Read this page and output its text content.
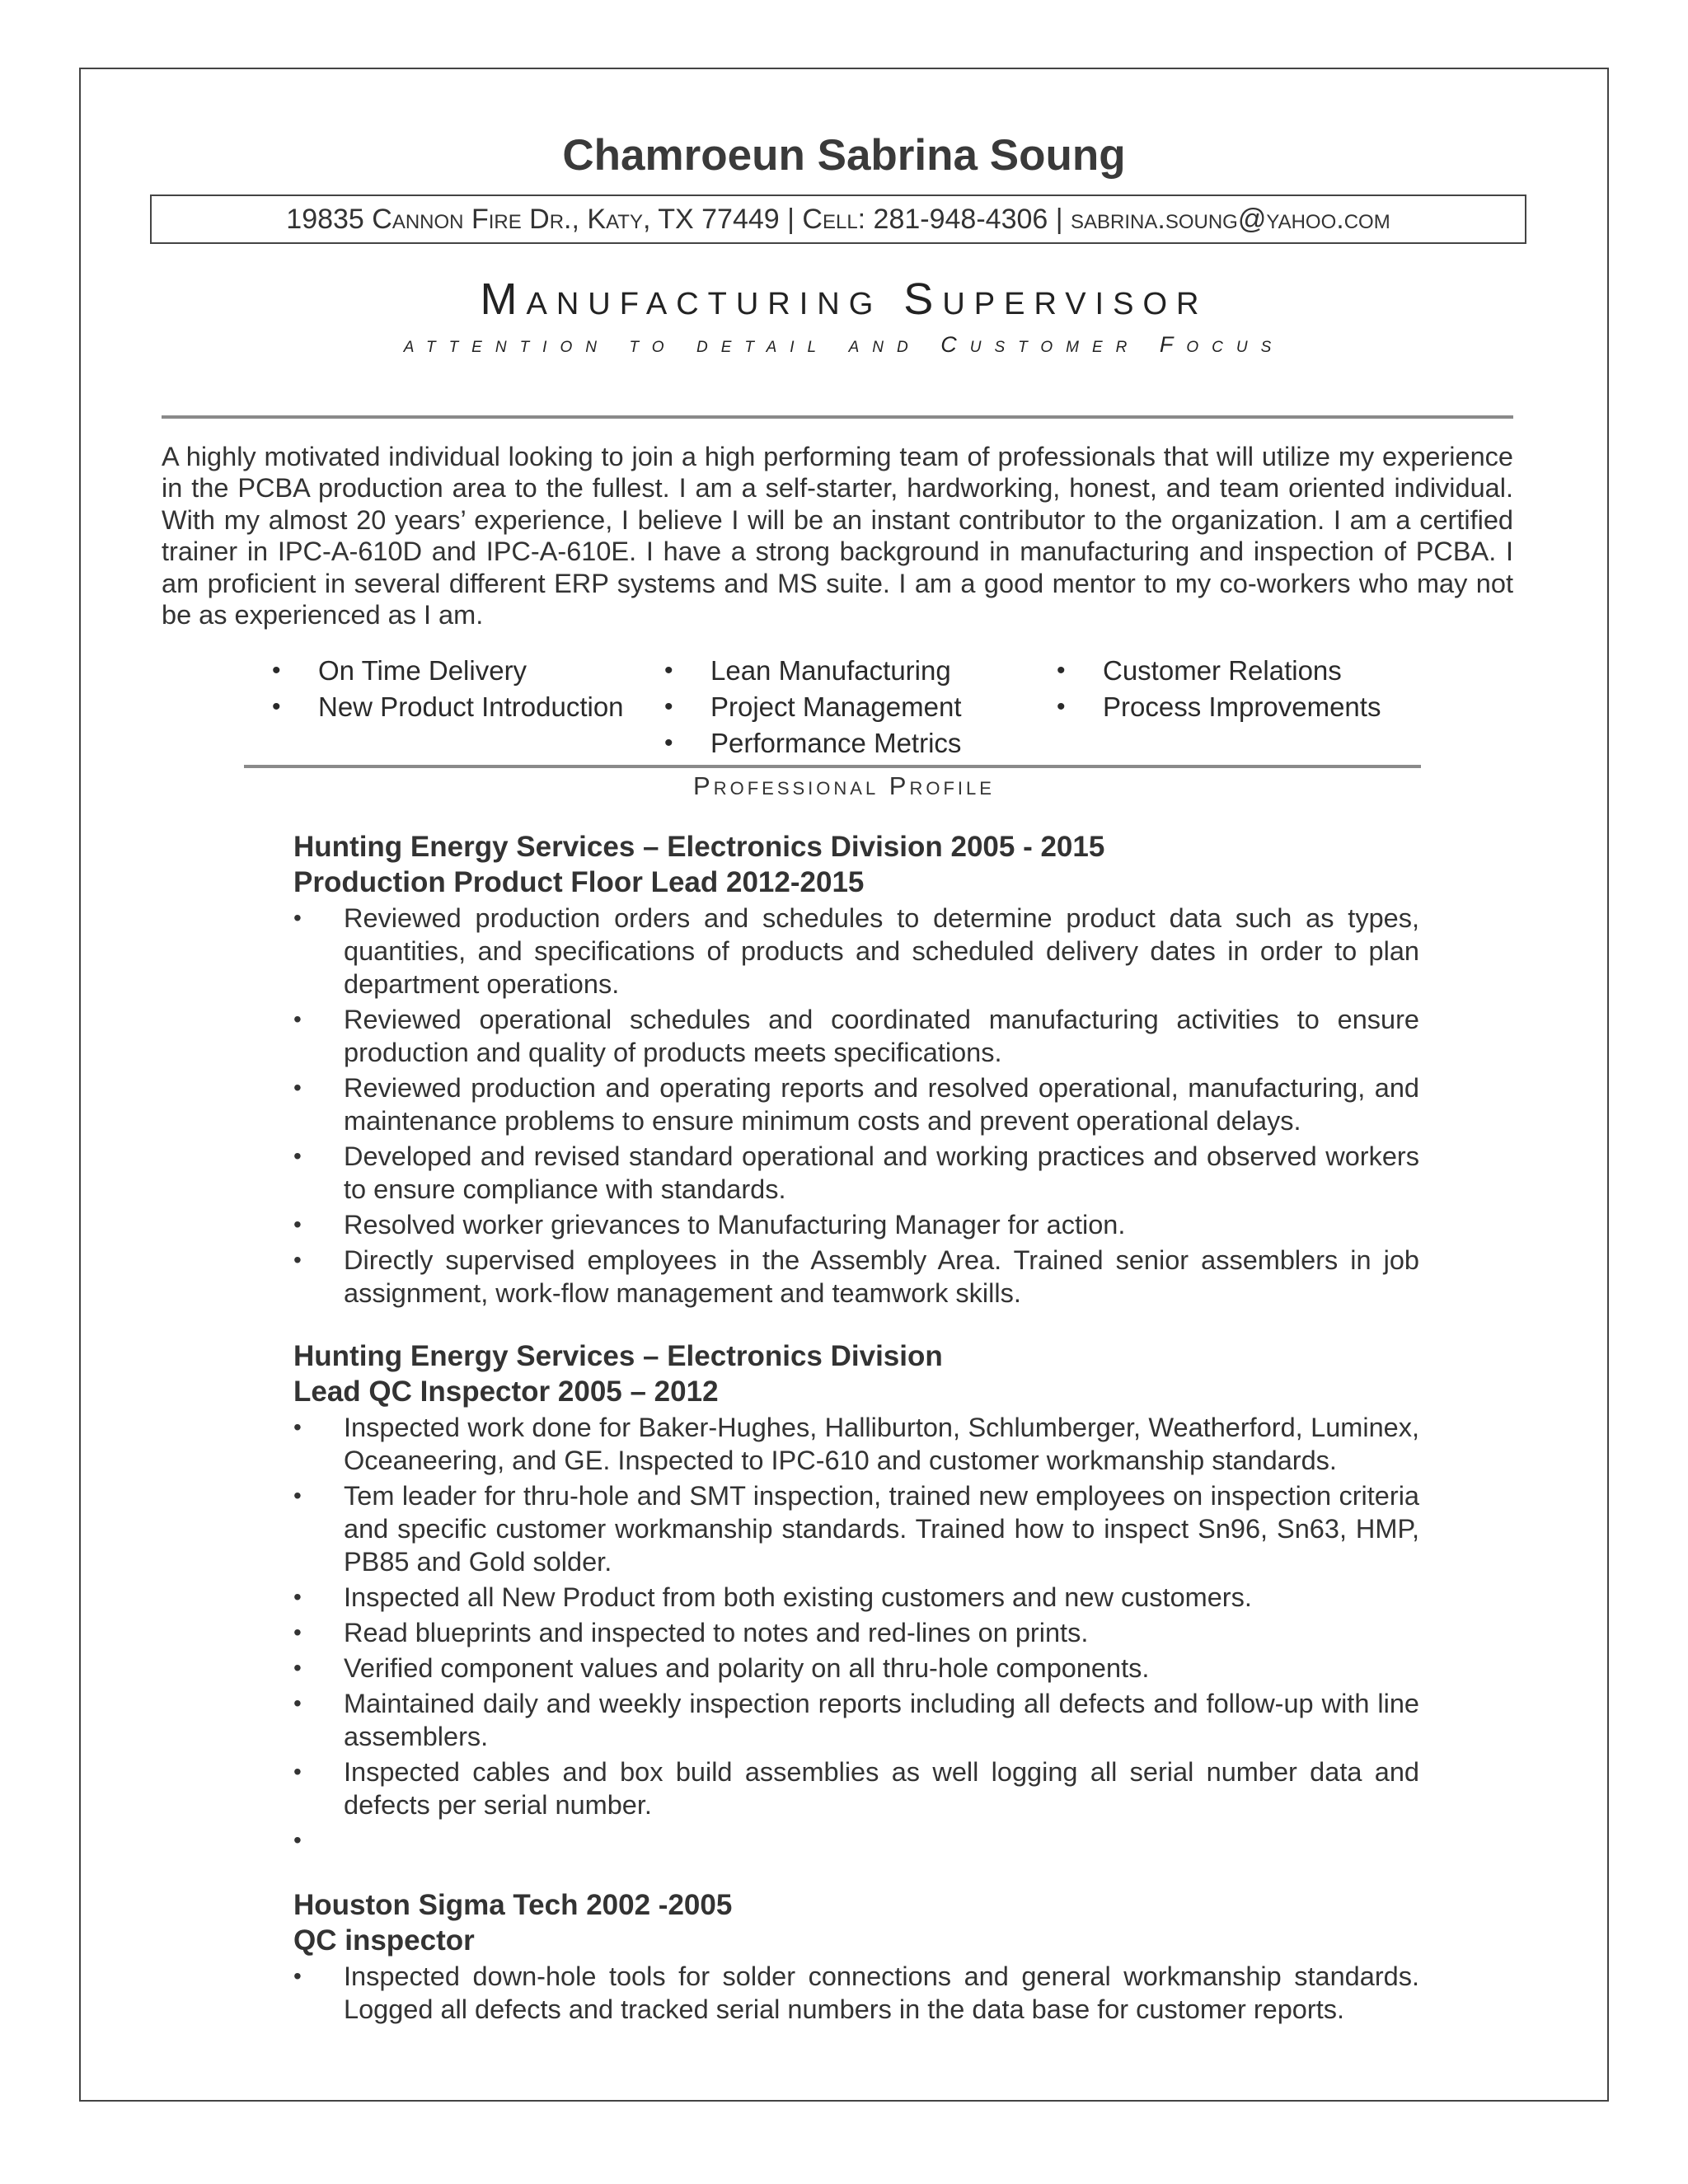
Chamroeun Sabrina Soung
19835 Cannon Fire Dr., Katy, TX 77449 | Cell: 281-948-4306 | sabrina.soung@yahoo.com
Manufacturing Supervisor
attention to detail and Customer Focus

A highly motivated individual looking to join a high performing team of professionals that will utilize my experience in the PCBA production area to the fullest. I am a self-starter, hardworking, honest, and team oriented individual. With my almost 20 years’ experience, I believe I will be an instant contributor to the organization. I am a certified trainer in IPC-A-610D and IPC-A-610E. I have a strong background in manufacturing and inspection of PCBA. I am proficient in several different ERP systems and MS suite. I am a good mentor to my co-workers who may not be as experienced as I am.

• On Time Delivery
• New Product Introduction
• Lean Manufacturing
• Project Management
• Performance Metrics
• Customer Relations
• Process Improvements
Professional Profile

Hunting Energy Services – Electronics Division 2005 - 2015

Production Product Floor Lead 2012-2015

• Reviewed production orders and schedules to determine product data such as types, quantities, and specifications of products and scheduled delivery dates in order to plan department operations.
• Reviewed operational schedules and coordinated manufacturing activities to ensure production and quality of products meets specifications.
• Reviewed production and operating reports and resolved operational, manufacturing, and maintenance problems to ensure minimum costs and prevent operational delays.
• Developed and revised standard operational and working practices and observed workers to ensure compliance with standards.
• Resolved worker grievances to Manufacturing Manager for action.
• Directly supervised employees in the Assembly Area. Trained senior assemblers in job assignment, work-flow management and teamwork skills.

Hunting Energy Services – Electronics Division

Lead QC Inspector 2005 – 2012

• Inspected work done for Baker-Hughes, Halliburton, Schlumberger, Weatherford, Luminex, Oceaneering, and GE. Inspected to IPC-610 and customer workmanship standards.
• Tem leader for thru-hole and SMT inspection, trained new employees on inspection criteria and specific customer workmanship standards. Trained how to inspect Sn96, Sn63, HMP, PB85 and Gold solder.
• Inspected all New Product from both existing customers and new customers.
• Read blueprints and inspected to notes and red-lines on prints.
• Verified component values and polarity on all thru-hole components.
• Maintained daily and weekly inspection reports including all defects and follow-up with line assemblers.
• Inspected cables and box build assemblies as well logging all serial number data and defects per serial number.
•

Houston Sigma Tech 2002 -2005

QC inspector

• Inspected down-hole tools for solder connections and general workmanship standards. Logged all defects and tracked serial numbers in the data base for customer reports.
